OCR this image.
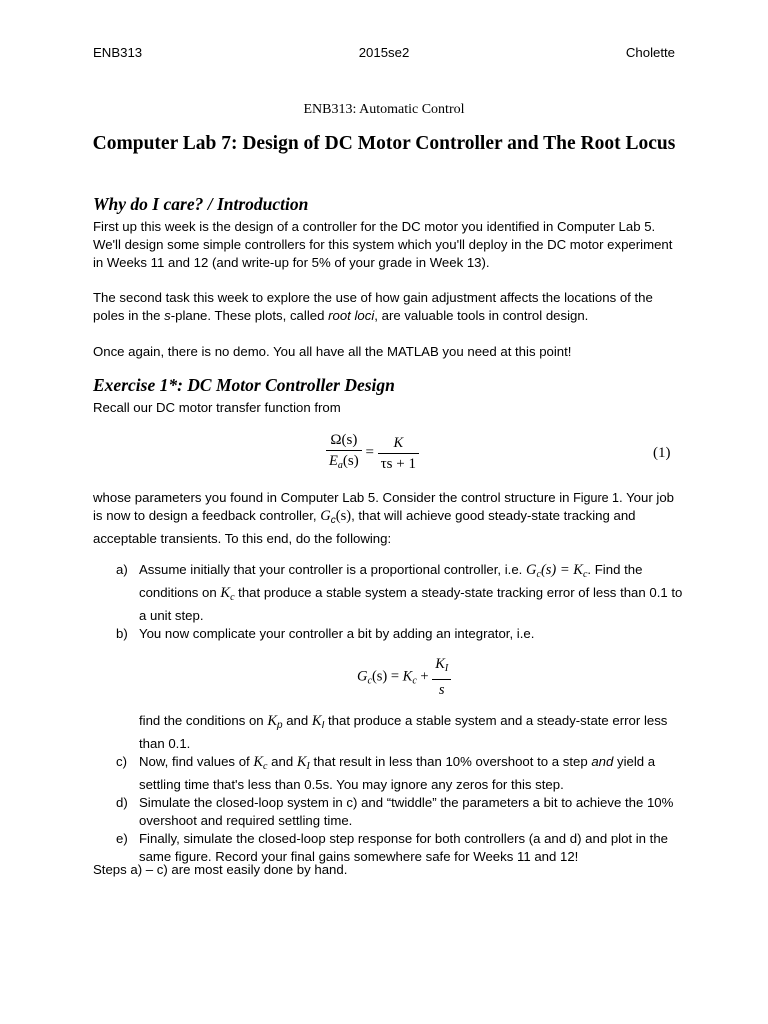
ENB313	2015se2	Cholette
ENB313: Automatic Control
Computer Lab 7: Design of DC Motor Controller and The Root Locus
Why do I care? / Introduction

First up this week is the design of a controller for the DC motor you identified in Computer Lab 5. We'll design some simple controllers for this system which you'll deploy in the DC motor experiment in Weeks 11 and 12 (and write-up for 5% of your grade in Week 13).

The second task this week to explore the use of how gain adjustment affects the locations of the poles in the s-plane. These plots, called root loci, are valuable tools in control design.

Once again, there is no demo. You all have all the MATLAB you need at this point!

Exercise 1*: DC Motor Controller Design

Recall our DC motor transfer function from

$\frac{\Omega(s)}{E_a(s)} = \frac{K}{\tau s + 1}$	(1)

whose parameters you found in Computer Lab 5. Consider the control structure in Figure 1. Your job is now to design a feedback controller, $G_c(s)$, that will achieve good steady-state tracking and acceptable transients. To this end, do the following:

a) Assume initially that your controller is a proportional controller, i.e. $G_c(s) = K_c$. Find the conditions on $K_c$ that produce a stable system a steady-state tracking error of less than 0.1 to a unit step.
b) You now complicate your controller a bit by adding an integrator, i.e.
$G_c(s) = K_c + \frac{K_I}{s}$
find the conditions on $K_p$ and $K_I$ that produce a stable system and a steady-state error less than 0.1.
c) Now, find values of $K_c$ and $K_I$ that result in less than 10% overshoot to a step and yield a settling time that's less than 0.5s. You may ignore any zeros for this step.
d) Simulate the closed-loop system in c) and “twiddle” the parameters a bit to achieve the 10% overshoot and required settling time.
e) Finally, simulate the closed-loop step response for both controllers (a and d) and plot in the same figure. Record your final gains somewhere safe for Weeks 11 and 12!

Steps a) – c) are most easily done by hand.
